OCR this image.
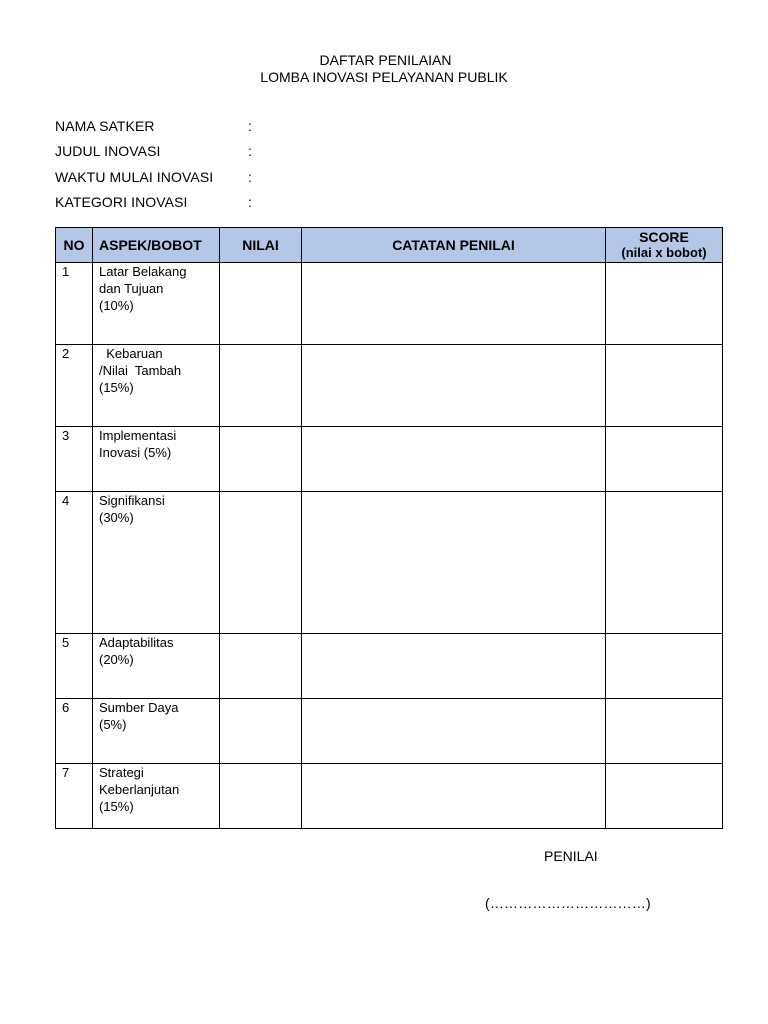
DAFTAR PENILAIAN
LOMBA INOVASI PELAYANAN PUBLIK
NAMA SATKER	:
JUDUL INOVASI	:
WAKTU MULAI INOVASI	:
KATEGORI INOVASI	:
NO	ASPEK/BOBOT	NILAI	CATATAN PENILAI	SCORE
(nilai x bobot)

1	Latar Belakang
dan Tujuan
(10%)			

2	Kebaruan
/Nilai  Tambah
(15%)			

3	Implementasi
Inovasi (5%)			

4	Signifikansi
(30%)			

5	Adaptabilitas
(20%)			

6	Sumber Daya
(5%)			

7	Strategi
Keberlanjutan
(15%)			

PENILAI
(……………………………)
